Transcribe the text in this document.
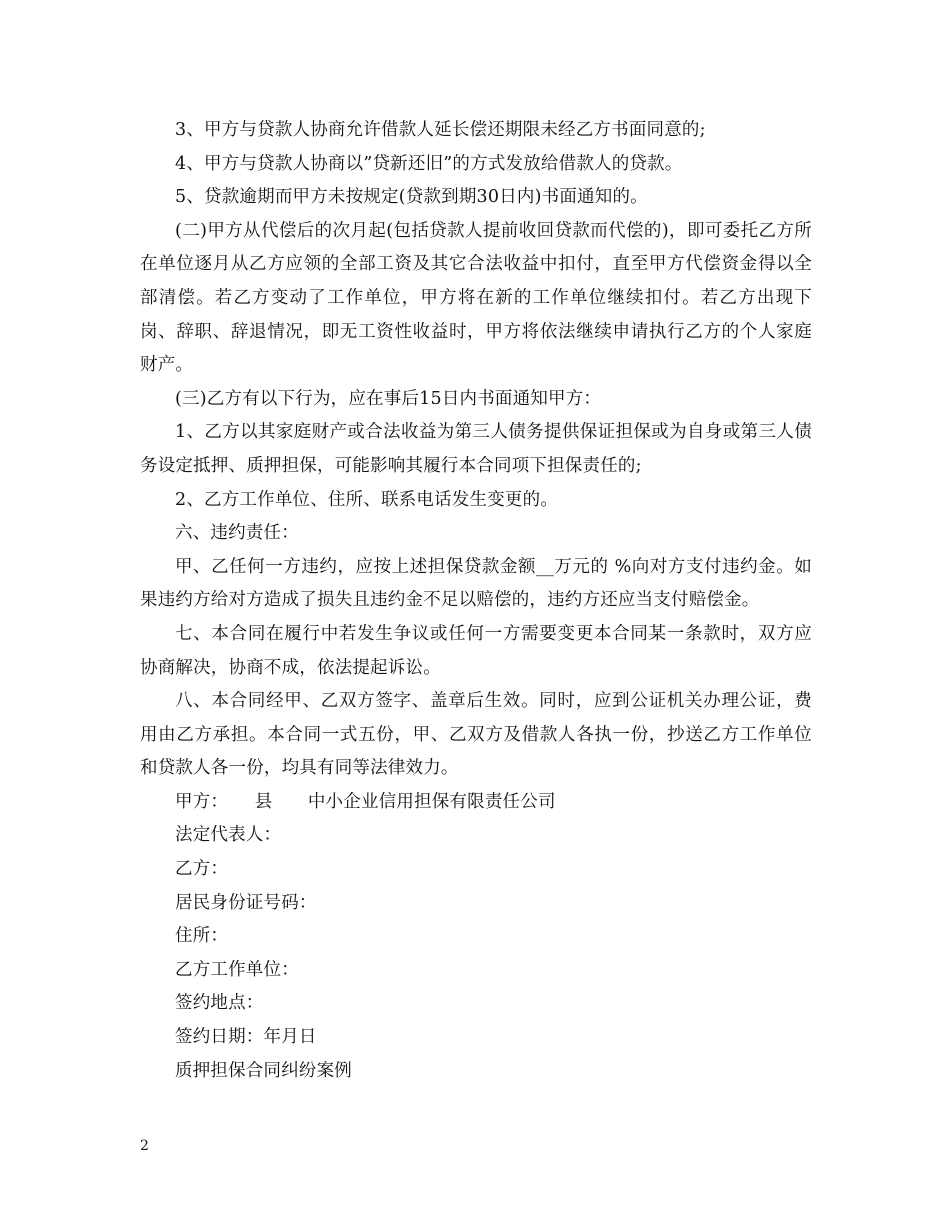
3、甲方与贷款人协商允许借款人延长偿还期限未经乙方书面同意的;

4、甲方与贷款人协商以”贷新还旧”的方式发放给借款人的贷款。

5、贷款逾期而甲方未按规定(贷款到期30日内)书面通知的。

(二)甲方从代偿后的次月起(包括贷款人提前收回贷款而代偿的)，即可委托乙方所在单位逐月从乙方应领的全部工资及其它合法收益中扣付，直至甲方代偿资金得以全部清偿。若乙方变动了工作单位，甲方将在新的工作单位继续扣付。若乙方出现下岗、辞职、辞退情况，即无工资性收益时，甲方将依法继续申请执行乙方的个人家庭财产。

(三)乙方有以下行为，应在事后15日内书面通知甲方：

1、乙方以其家庭财产或合法收益为第三人债务提供保证担保或为自身或第三人债务设定抵押、质押担保，可能影响其履行本合同项下担保责任的;

2、乙方工作单位、住所、联系电话发生变更的。

六、违约责任：

甲、乙任何一方违约，应按上述担保贷款金额__万元的 %向对方支付违约金。如果违约方给对方造成了损失且违约金不足以赔偿的，违约方还应当支付赔偿金。

七、本合同在履行中若发生争议或任何一方需要变更本合同某一条款时，双方应协商解决，协商不成，依法提起诉讼。

八、本合同经甲、乙双方签字、盖章后生效。同时，应到公证机关办理公证，费用由乙方承担。本合同一式五份，甲、乙双方及借款人各执一份，抄送乙方工作单位和贷款人各一份，均具有同等法律效力。

甲方：　　县　　中小企业信用担保有限责任公司

法定代表人：

乙方：

居民身份证号码：

住所：

乙方工作单位：

签约地点：

签约日期：年月日

质押担保合同纠纷案例

2
